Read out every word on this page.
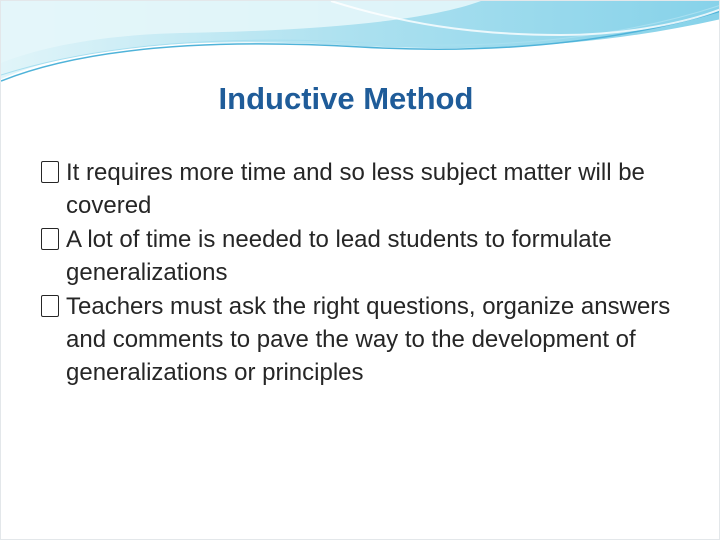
Inductive Method
It requires more time and so less subject matter will be covered
A lot of time is needed to lead students to formulate generalizations
Teachers must ask the right questions, organize answers and comments to pave the way to the development of generalizations or principles
